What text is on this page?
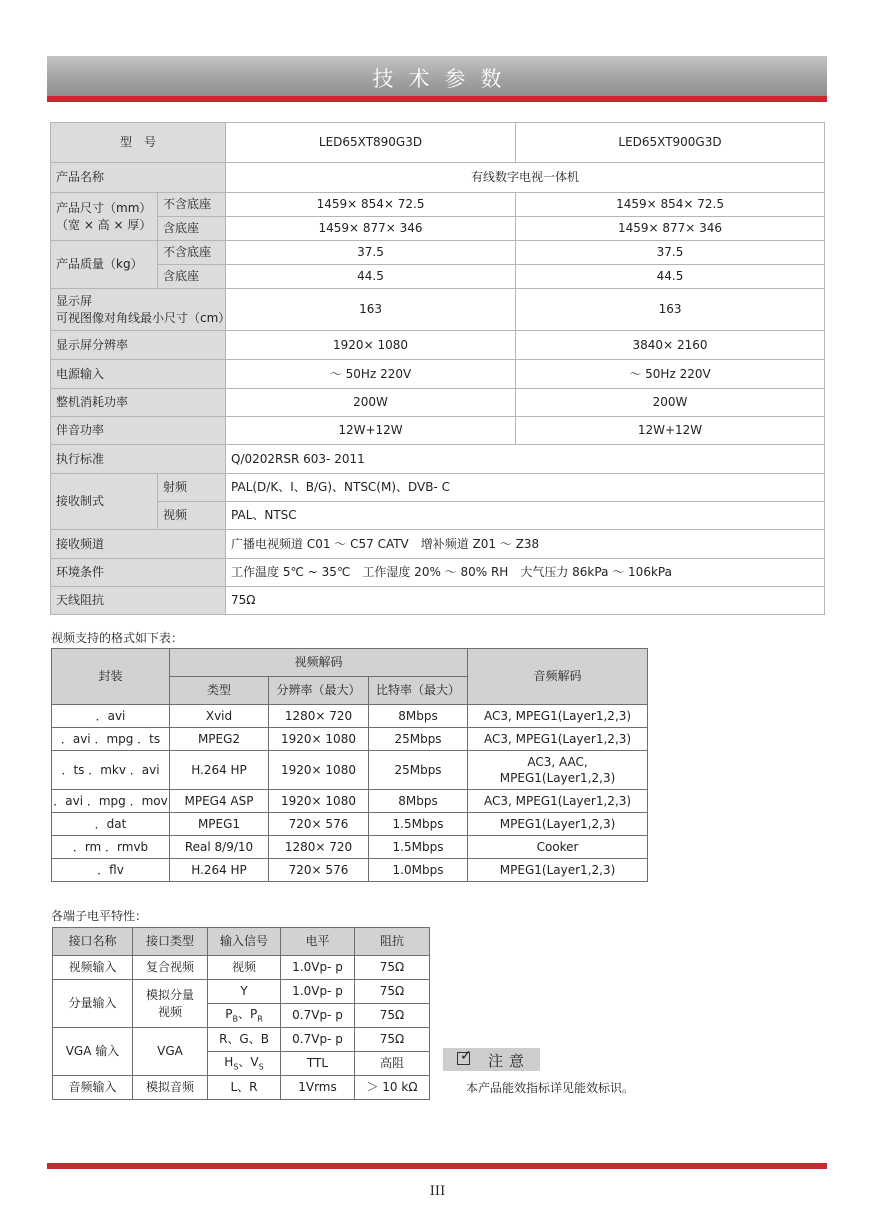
技术参数
型　号		LED65XT890G3D	LED65XT900G3D
产品名称		有线数字电视一体机	

产品尺寸（mm）
（宽 × 高 × 厚）	不含底座	1459× 854× 72.5	1459× 854× 72.5
	含底座	1459× 877× 346	1459× 877× 346
产品质量（kg）	不含底座	37.5	37.5
	含底座	44.5	44.5

显示屏
可视图像对角线最小尺寸（cm）		163	163
显示屏分辨率		1920× 1080	3840× 2160
电源输入		～ 50Hz 220V	～ 50Hz 220V
整机消耗功率		200W	200W
伴音功率		12W+12W	12W+12W
执行标准		Q/0202RSR 603- 2011	
接收制式	射频	PAL(D/K、I、B/G)、NTSC(M)、DVB- C	
	视频	PAL、NTSC	
接收频道		广播电视频道 C01 ～ C57 CATV　增补频道 Z01 ～ Z38	
环境条件		工作温度 5℃ ~ 35℃　工作湿度 20% ～ 80% RH　大气压力 86kPa ～ 106kPa	
天线阻抗		75Ω	
视频支持的格式如下表：
封装	视频解码			音频解码
	类型	分辨率（最大）	比特率（最大）	
．avi	Xvid	1280× 720	8Mbps	AC3, MPEG1(Layer1,2,3)
．avi ．mpg ．ts	MPEG2	1920× 1080	25Mbps	AC3, MPEG1(Layer1,2,3)
．ts ．mkv ．avi	H.264 HP	1920× 1080	25Mbps	AC3, AAC, MPEG1(Layer1,2,3)
．avi ．mpg ．mov	MPEG4 ASP	1920× 1080	8Mbps	AC3, MPEG1(Layer1,2,3)
．dat	MPEG1	720× 576	1.5Mbps	MPEG1(Layer1,2,3)
．rm ．rmvb	Real 8/9/10	1280× 720	1.5Mbps	Cooker
．flv	H.264 HP	720× 576	1.0Mbps	MPEG1(Layer1,2,3)
各端子电平特性：
接口名称	接口类型	输入信号	电平	阻抗
视频输入	复合视频	视频	1.0Vp- p	75Ω
分量输入	模拟分量视频	Y	1.0Vp- p	75Ω
		$P_B$、$P_R$	0.7Vp- p	75Ω
VGA 输入	VGA	R、G、B	0.7Vp- p	75Ω
		$H_S$、$V_S$	TTL	高阻
音频输入	模拟音频	L、R	1Vrms	＞ 10 kΩ
✓ 注意
本产品能效指标详见能效标识。
III
